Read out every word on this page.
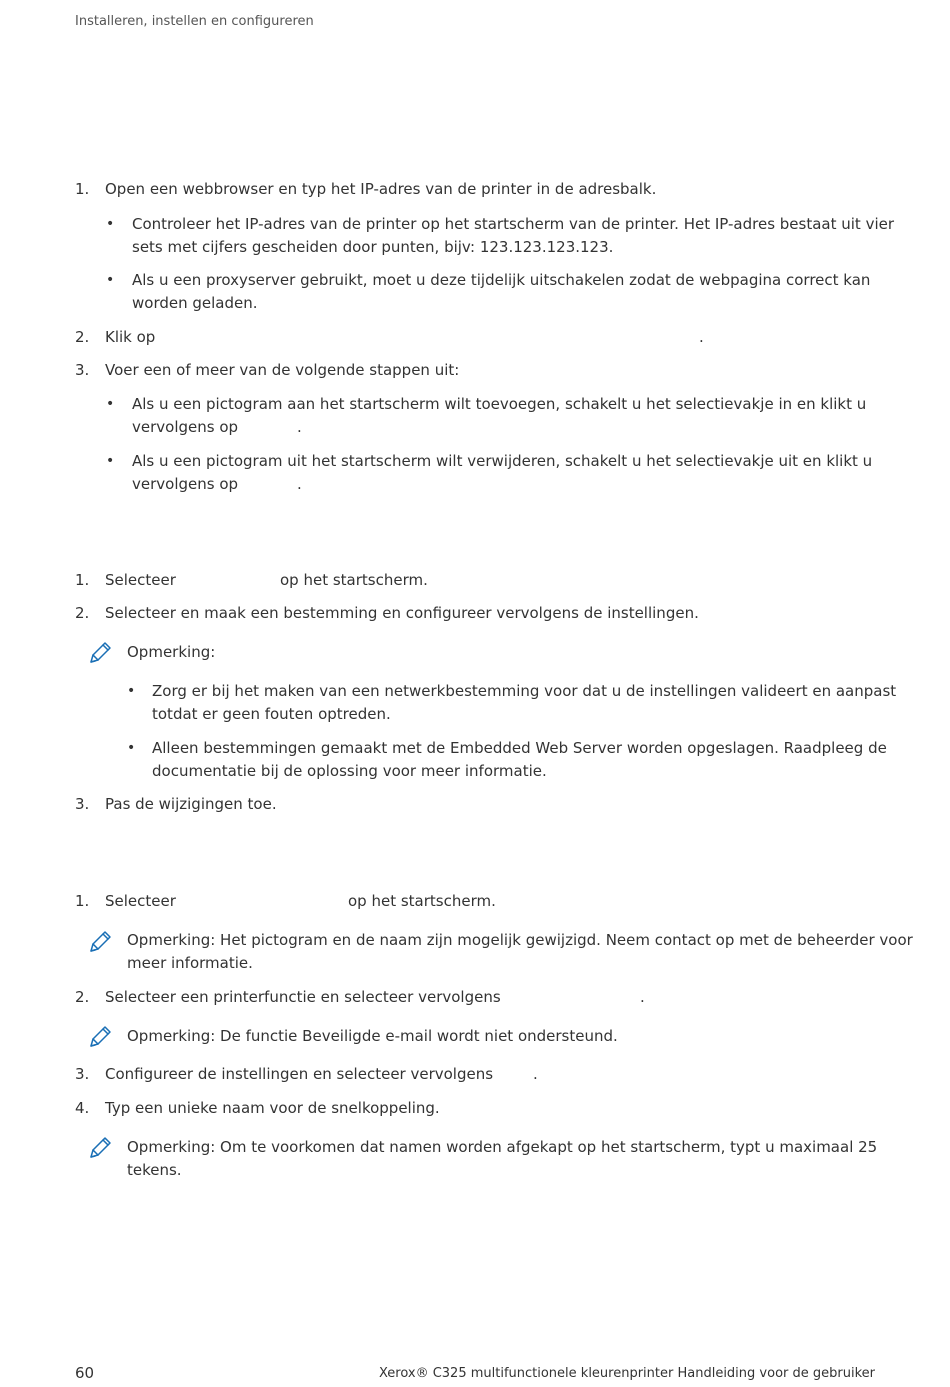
Installeren, instellen en configureren
1. Open een webbrowser en typ het IP-adres van de printer in de adresbalk.
• Controleer het IP-adres van de printer op het startscherm van de printer. Het IP-adres bestaat uit vier
sets met cijfers gescheiden door punten, bijv: 123.123.123.123.
• Als u een proxyserver gebruikt, moet u deze tijdelijk uitschakelen zodat de webpagina correct kan
worden geladen.
2. Klik op	.
3. Voer een of meer van de volgende stappen uit:
• Als u een pictogram aan het startscherm wilt toevoegen, schakelt u het selectievakje in en klikt u
vervolgens op	.
• Als u een pictogram uit het startscherm wilt verwijderen, schakelt u het selectievakje uit en klikt u
vervolgens op	.
1. Selecteer	op het startscherm.
2. Selecteer en maak een bestemming en configureer vervolgens de instellingen.
Opmerking:
• Zorg er bij het maken van een netwerkbestemming voor dat u de instellingen valideert en aanpast
totdat er geen fouten optreden.
• Alleen bestemmingen gemaakt met de Embedded Web Server worden opgeslagen. Raadpleeg de
documentatie bij de oplossing voor meer informatie.
3. Pas de wijzigingen toe.
1. Selecteer	op het startscherm.
Opmerking: Het pictogram en de naam zijn mogelijk gewijzigd. Neem contact op met de beheerder voor
meer informatie.
2. Selecteer een printerfunctie en selecteer vervolgens	.
Opmerking: De functie Beveiligde e-mail wordt niet ondersteund.
3. Configureer de instellingen en selecteer vervolgens	.
4. Typ een unieke naam voor de snelkoppeling.
Opmerking: Om te voorkomen dat namen worden afgekapt op het startscherm, typt u maximaal 25
tekens.
60	Xerox® C325 multifunctionele kleurenprinter Handleiding voor de gebruiker
